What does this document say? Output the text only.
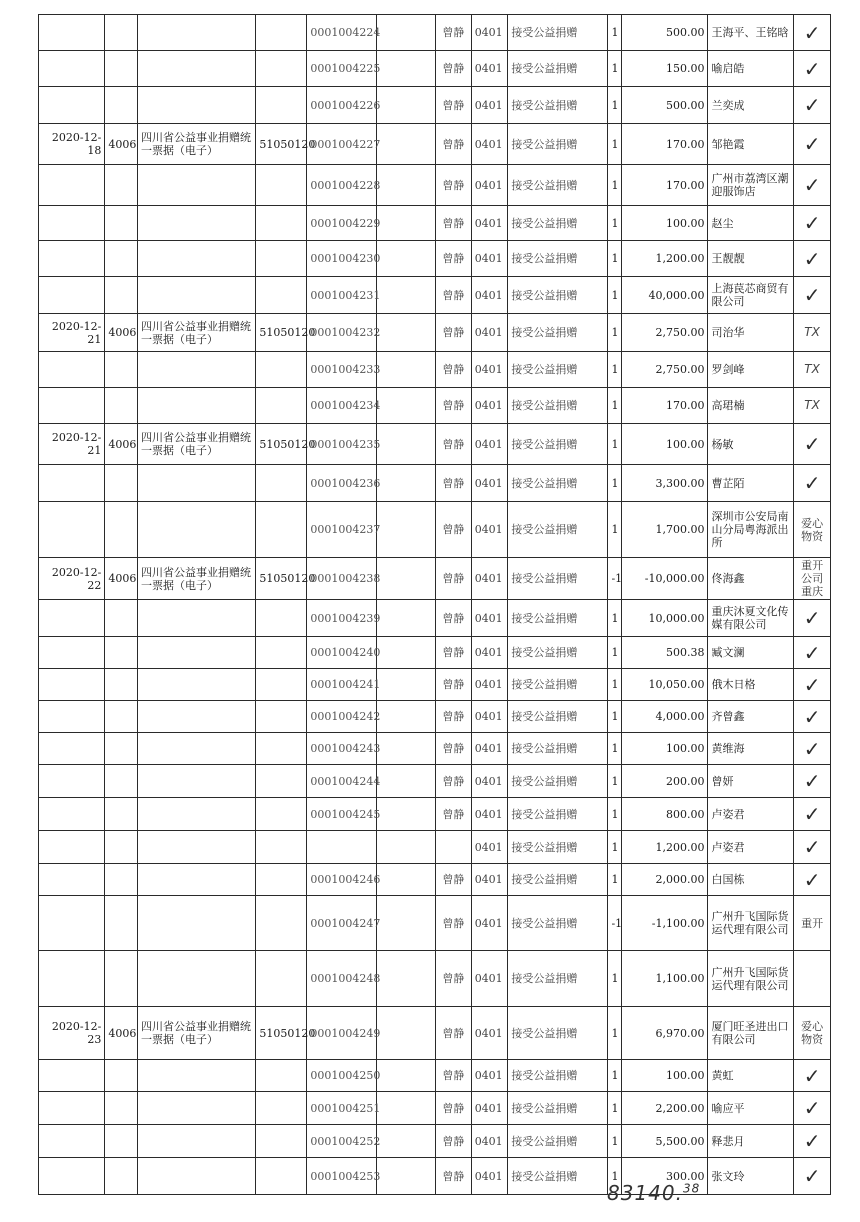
				0001004224		曾静	0401	接受公益捐赠	1	500.00	王海平、王铭晗	✓
				0001004225		曾静	0401	接受公益捐赠	1	150.00	喻启皓	✓
				0001004226		曾静	0401	接受公益捐赠	1	500.00	兰奕成	✓
2020-12-18	4006	四川省公益事业捐赠统一票据（电子）	51050120	0001004227		曾静	0401	接受公益捐赠	1	170.00	邹艳霞	✓
				0001004228		曾静	0401	接受公益捐赠	1	170.00	广州市荔湾区潮迎服饰店	✓
				0001004229		曾静	0401	接受公益捐赠	1	100.00	赵尘	✓
				0001004230		曾静	0401	接受公益捐赠	1	1,200.00	王靓靓	✓
				0001004231		曾静	0401	接受公益捐赠	1	40,000.00	上海苠芯商贸有限公司	✓
2020-12-21	4006	四川省公益事业捐赠统一票据（电子）	51050120	0001004232		曾静	0401	接受公益捐赠	1	2,750.00	司治华	TX
				0001004233		曾静	0401	接受公益捐赠	1	2,750.00	罗剑峰	TX
				0001004234		曾静	0401	接受公益捐赠	1	170.00	高珺楠	TX
2020-12-21	4006	四川省公益事业捐赠统一票据（电子）	51050120	0001004235		曾静	0401	接受公益捐赠	1	100.00	杨敏	✓
				0001004236		曾静	0401	接受公益捐赠	1	3,300.00	曹芷陌	✓
				0001004237		曾静	0401	接受公益捐赠	1	1,700.00	深圳市公安局南山分局粤海派出所	爱心物资
2020-12-22	4006	四川省公益事业捐赠统一票据（电子）	51050120	0001004238		曾静	0401	接受公益捐赠	-1	-10,000.00	佟海鑫	重开公司重庆
				0001004239		曾静	0401	接受公益捐赠	1	10,000.00	重庆沐夏文化传媒有限公司	✓
				0001004240		曾静	0401	接受公益捐赠	1	500.38	臧文澜	✓
				0001004241		曾静	0401	接受公益捐赠	1	10,050.00	俄木日格	✓
				0001004242		曾静	0401	接受公益捐赠	1	4,000.00	齐曾鑫	✓
				0001004243		曾静	0401	接受公益捐赠	1	100.00	黄维海	✓
				0001004244		曾静	0401	接受公益捐赠	1	200.00	曾妍	✓
				0001004245		曾静	0401	接受公益捐赠	1	800.00	卢姿君	✓
							0401	接受公益捐赠	1	1,200.00	卢姿君	✓
				0001004246		曾静	0401	接受公益捐赠	1	2,000.00	白国栋	✓
				0001004247		曾静	0401	接受公益捐赠	-1	-1,100.00	广州升飞国际货运代理有限公司	重开
				0001004248		曾静	0401	接受公益捐赠	1	1,100.00	广州升飞国际货运代理有限公司	
2020-12-23	4006	四川省公益事业捐赠统一票据（电子）	51050120	0001004249		曾静	0401	接受公益捐赠	1	6,970.00	厦门旺圣进出口有限公司	爱心物资
				0001004250		曾静	0401	接受公益捐赠	1	100.00	黄虹	✓
				0001004251		曾静	0401	接受公益捐赠	1	2,200.00	喻应平	✓
				0001004252		曾静	0401	接受公益捐赠	1	5,500.00	释悲月	✓
				0001004253		曾静	0401	接受公益捐赠	1	300.00	张文玲	✓
83140.38
